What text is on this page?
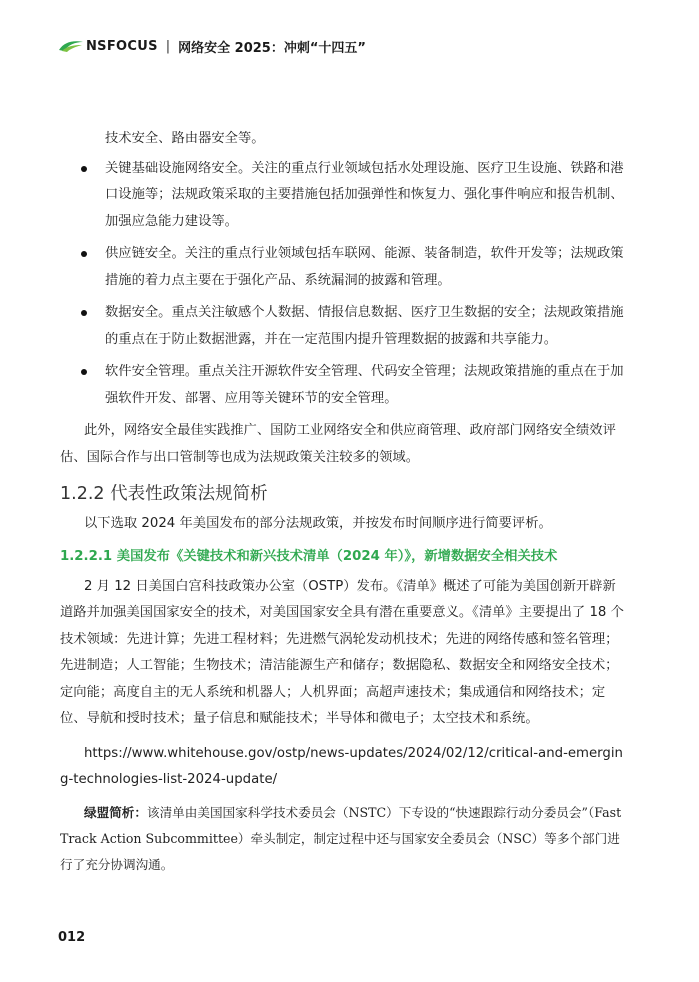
NSFOCUS | 网络安全 2025：冲刺“十四五”

技术安全、路由器安全等。

关键基础设施网络安全。关注的重点行业领域包括水处理设施、医疗卫生设施、铁路和港口设施等；法规政策采取的主要措施包括加强弹性和恢复力、强化事件响应和报告机制、加强应急能力建设等。
供应链安全。关注的重点行业领域包括车联网、能源、装备制造，软件开发等；法规政策措施的着力点主要在于强化产品、系统漏洞的披露和管理。
数据安全。重点关注敏感个人数据、情报信息数据、医疗卫生数据的安全；法规政策措施的重点在于防止数据泄露，并在一定范围内提升管理数据的披露和共享能力。
软件安全管理。重点关注开源软件安全管理、代码安全管理；法规政策措施的重点在于加强软件开发、部署、应用等关键环节的安全管理。

此外，网络安全最佳实践推广、国防工业网络安全和供应商管理、政府部门网络安全绩效评估、国际合作与出口管制等也成为法规政策关注较多的领域。

1.2.2 代表性政策法规简析

以下选取 2024 年美国发布的部分法规政策，并按发布时间顺序进行简要评析。

1.2.2.1 美国发布《关键技术和新兴技术清单（2024 年）》，新增数据安全相关技术

2 月 12 日美国白宫科技政策办公室（OSTP）发布。《清单》概述了可能为美国创新开辟新道路并加强美国国家安全的技术，对美国国家安全具有潜在重要意义。《清单》主要提出了 18 个技术领域：先进计算；先进工程材料；先进燃气涡轮发动机技术；先进的网络传感和签名管理；先进制造；人工智能；生物技术；清洁能源生产和储存；数据隐私、数据安全和网络安全技术；定向能；高度自主的无人系统和机器人；人机界面；高超声速技术；集成通信和网络技术；定位、导航和授时技术；量子信息和赋能技术；半导体和微电子；太空技术和系统。

https://www.whitehouse.gov/ostp/news-updates/2024/02/12/critical-and-emerging-technologies-list-2024-update/

绿盟简析：该清单由美国国家科学技术委员会（NSTC）下专设的“快速跟踪行动分委员会”（Fast Track Action Subcommittee）牵头制定，制定过程中还与国家安全委员会（NSC）等多个部门进行了充分协调沟通。

012
